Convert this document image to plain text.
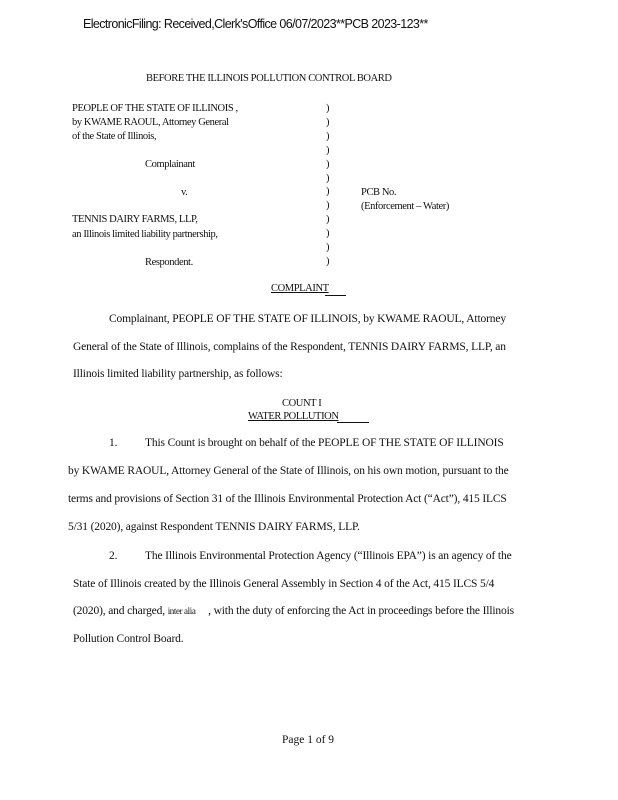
ElectronicFiling: Received,Clerk'sOffice 06/07/2023**PCB 2023-123**
BEFORE THE ILLINOIS POLLUTION CONTROL BOARD
PEOPLE OF THE STATE OF ILLINOIS ,
by KWAME RAOUL, Attorney General
of the State of Illinois,
Complainant
v.
TENNIS DAIRY FARMS, LLP,
an Illinois limited liability partnership,
Respondent.
)
)
)
)
)
)
)
)
)
)
)
)
PCB No.
(Enforcement – Water)
COMPLAINT
Complainant, PEOPLE OF THE STATE OF ILLINOIS, by KWAME RAOUL, Attorney
General of the State of Illinois, complains of the Respondent, TENNIS DAIRY FARMS, LLP, an
Illinois limited liability partnership, as follows:
COUNT I
WATER POLLUTION
1. This Count is brought on behalf of the PEOPLE OF THE STATE OF ILLINOIS
by KWAME RAOUL, Attorney General of the State of Illinois, on his own motion, pursuant to the
terms and provisions of Section 31 of the Illinois Environmental Protection Act (“Act”), 415 ILCS
5/31 (2020), against Respondent TENNIS DAIRY FARMS, LLP.
2. The Illinois Environmental Protection Agency (“Illinois EPA”) is an agency of the
State of Illinois created by the Illinois General Assembly in Section 4 of the Act, 415 ILCS 5/4
(2020), and charged, inter alia , with the duty of enforcing the Act in proceedings before the Illinois
Pollution Control Board.
Page 1 of 9
